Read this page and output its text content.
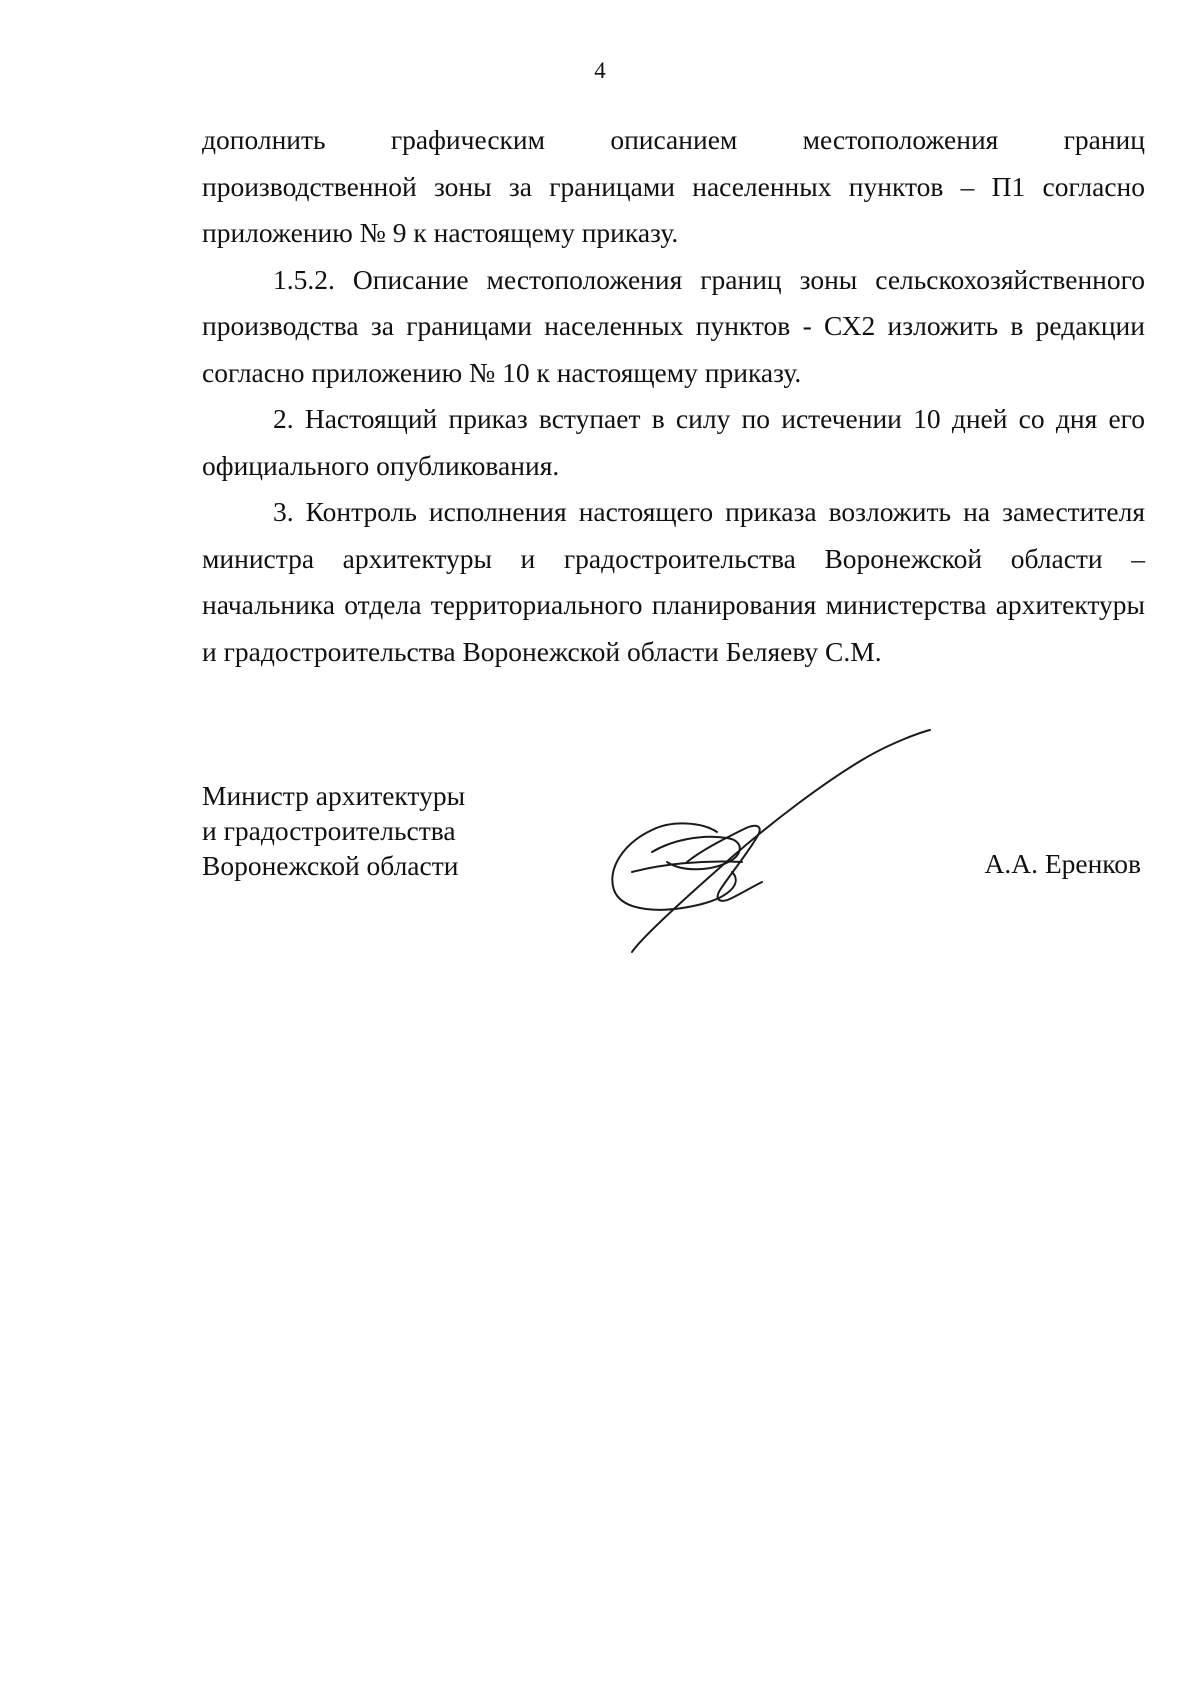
4

дополнить графическим описанием местоположения границ
производственной зоны за границами населенных пунктов – П1 согласно
приложению № 9 к настоящему приказу.

1.5.2. Описание местоположения границ зоны сельскохозяйственного производства за границами населенных пунктов - СХ2 изложить в редакции согласно приложению № 10 к настоящему приказу.

2. Настоящий приказ вступает в силу по истечении 10 дней со дня его официального опубликования.

3. Контроль исполнения настоящего приказа возложить на заместителя министра архитектуры и градостроительства Воронежской области – начальника отдела территориального планирования министерства архитектуры и градостроительства Воронежской области Беляеву С.М.

Министр архитектуры
и градостроительства
Воронежской области	А.А. Еренков
